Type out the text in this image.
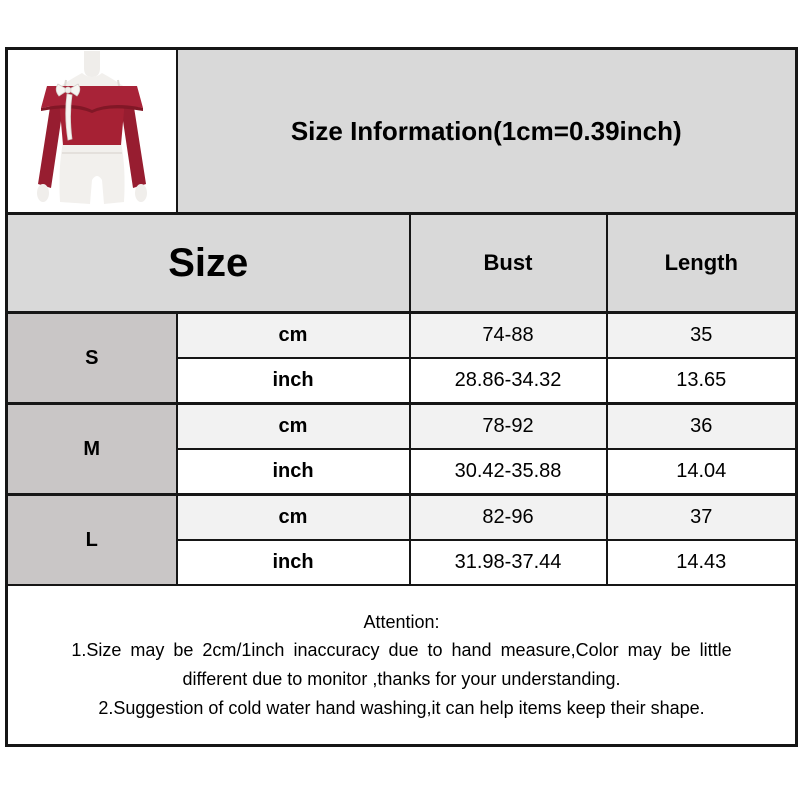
	Size Information(1cm=0.39inch)		
Size		Bust	Length
S	cm	74-88	35
	inch	28.86-34.32	13.65
M	cm	78-92	36
	inch	30.42-35.88	14.04
L	cm	82-96	37
	inch	31.98-37.44	14.43

Attention:
1.Size may be 2cm/1inch inaccuracy due to hand measure,Color may be little
different due to monitor ,thanks for your understanding.
2.Suggestion of cold water hand washing,it can help items keep their shape.			
